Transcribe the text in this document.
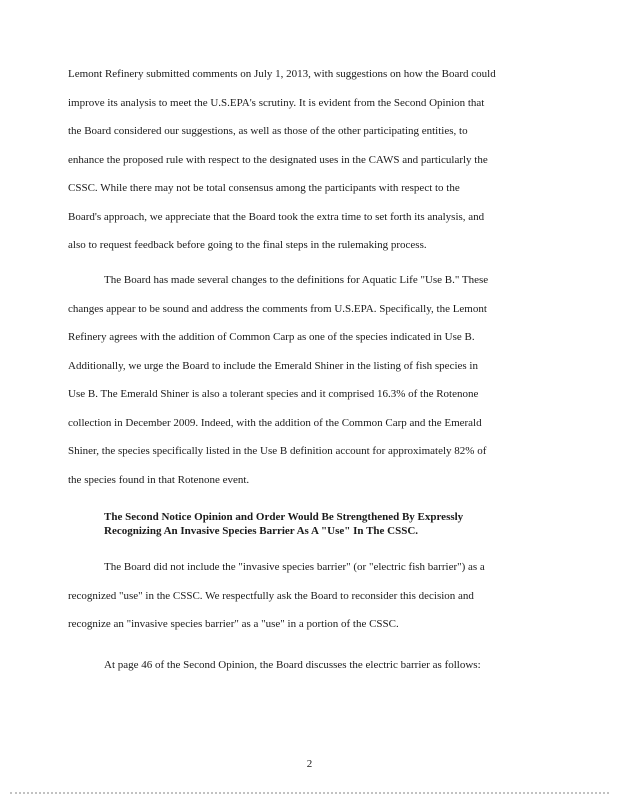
Lemont Refinery submitted comments on July 1, 2013, with suggestions on how the Board could
improve its analysis to meet the U.S.EPA's scrutiny. It is evident from the Second Opinion that
the Board considered our suggestions, as well as those of the other participating entities, to
enhance the proposed rule with respect to the designated uses in the CAWS and particularly the
CSSC. While there may not be total consensus among the participants with respect to the
Board's approach, we appreciate that the Board took the extra time to set forth its analysis, and
also to request feedback before going to the final steps in the rulemaking process.
The Board has made several changes to the definitions for Aquatic Life "Use B." These
changes appear to be sound and address the comments from U.S.EPA. Specifically, the Lemont
Refinery agrees with the addition of Common Carp as one of the species indicated in Use B.
Additionally, we urge the Board to include the Emerald Shiner in the listing of fish species in
Use B. The Emerald Shiner is also a tolerant species and it comprised 16.3% of the Rotenone
collection in December 2009. Indeed, with the addition of the Common Carp and the Emerald
Shiner, the species specifically listed in the Use B definition account for approximately 82% of
the species found in that Rotenone event.
The Second Notice Opinion and Order Would Be Strengthened By Expressly
Recognizing An Invasive Species Barrier As A "Use" In The CSSC.
The Board did not include the "invasive species barrier" (or "electric fish barrier") as a
recognized "use" in the CSSC. We respectfully ask the Board to reconsider this decision and
recognize an "invasive species barrier" as a "use" in a portion of the CSSC.
At page 46 of the Second Opinion, the Board discusses the electric barrier as follows:
2
